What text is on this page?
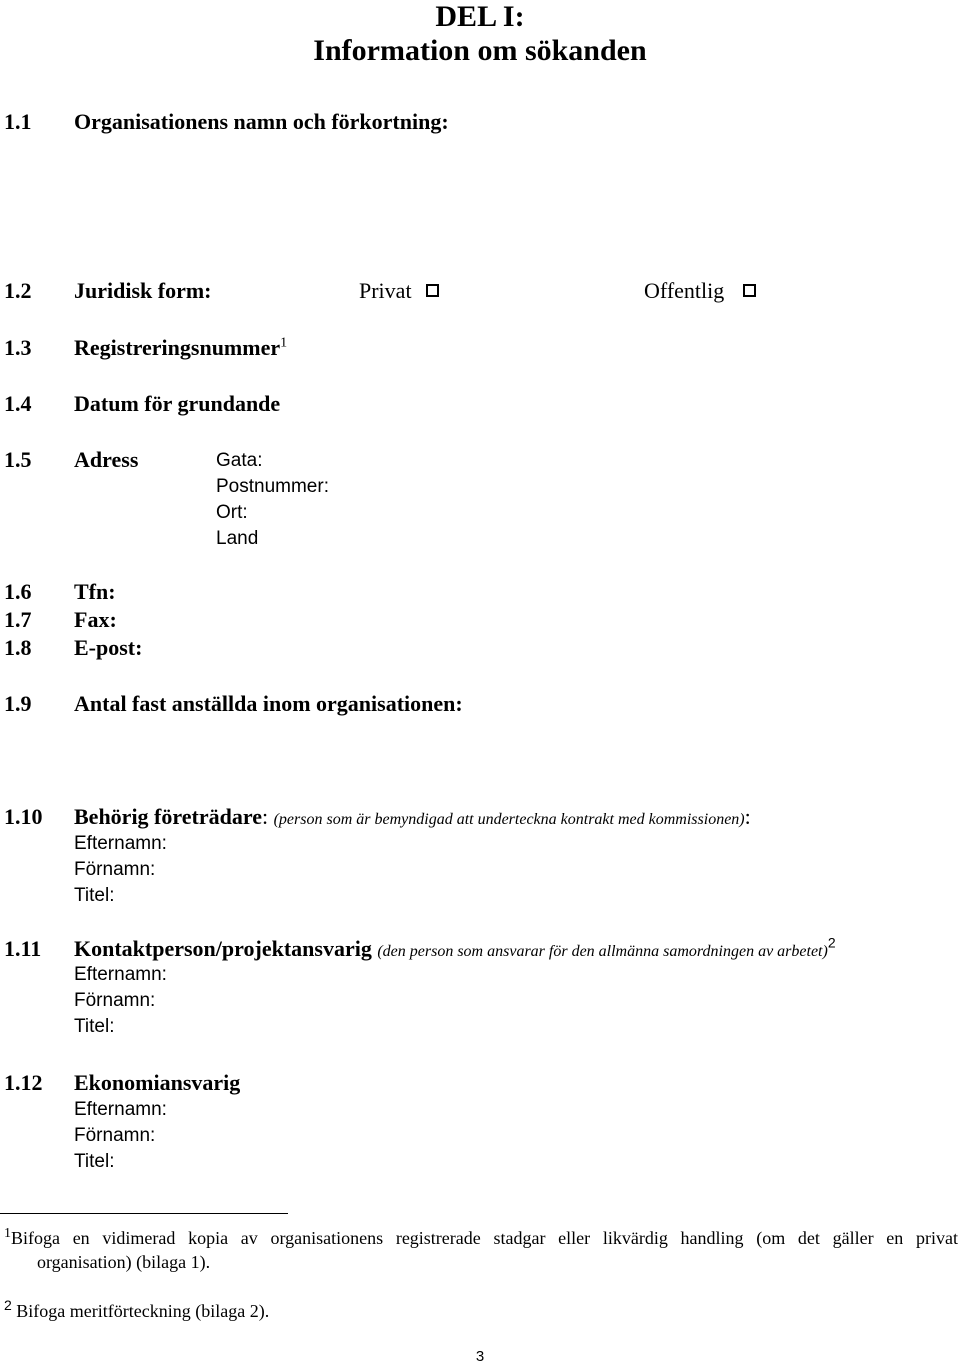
DEL I:
Information om sökanden
1.1 Organisationens namn och förkortning:
1.2 Juridisk form:	Privat	Offentlig
1.3 Registreringsnummer$^1$
1.4 Datum för grundande
1.5 Adress	Gata:
Postnummer:
Ort:
Land
1.6 Tfn:
1.7 Fax:
1.8 E-post:
1.9 Antal fast anställda inom organisationen:
1.10 Behörig företrädare: (person som är bemyndigad att underteckna kontrakt med kommissionen):
Efternamn:
Förnamn:
Titel:
1.11 Kontaktperson/projektansvarig (den person som ansvarar för den allmänna samordningen av arbetet)$^2$
Efternamn:
Förnamn:
Titel:
1.12 Ekonomiansvarig
Efternamn:
Förnamn:
Titel:
$^1$Bifoga en vidimerad kopia av organisationens registrerade stadgar eller likvärdig handling (om det gäller en privat
organisation) (bilaga 1).
$^2$ Bifoga meritförteckning (bilaga 2).
3
